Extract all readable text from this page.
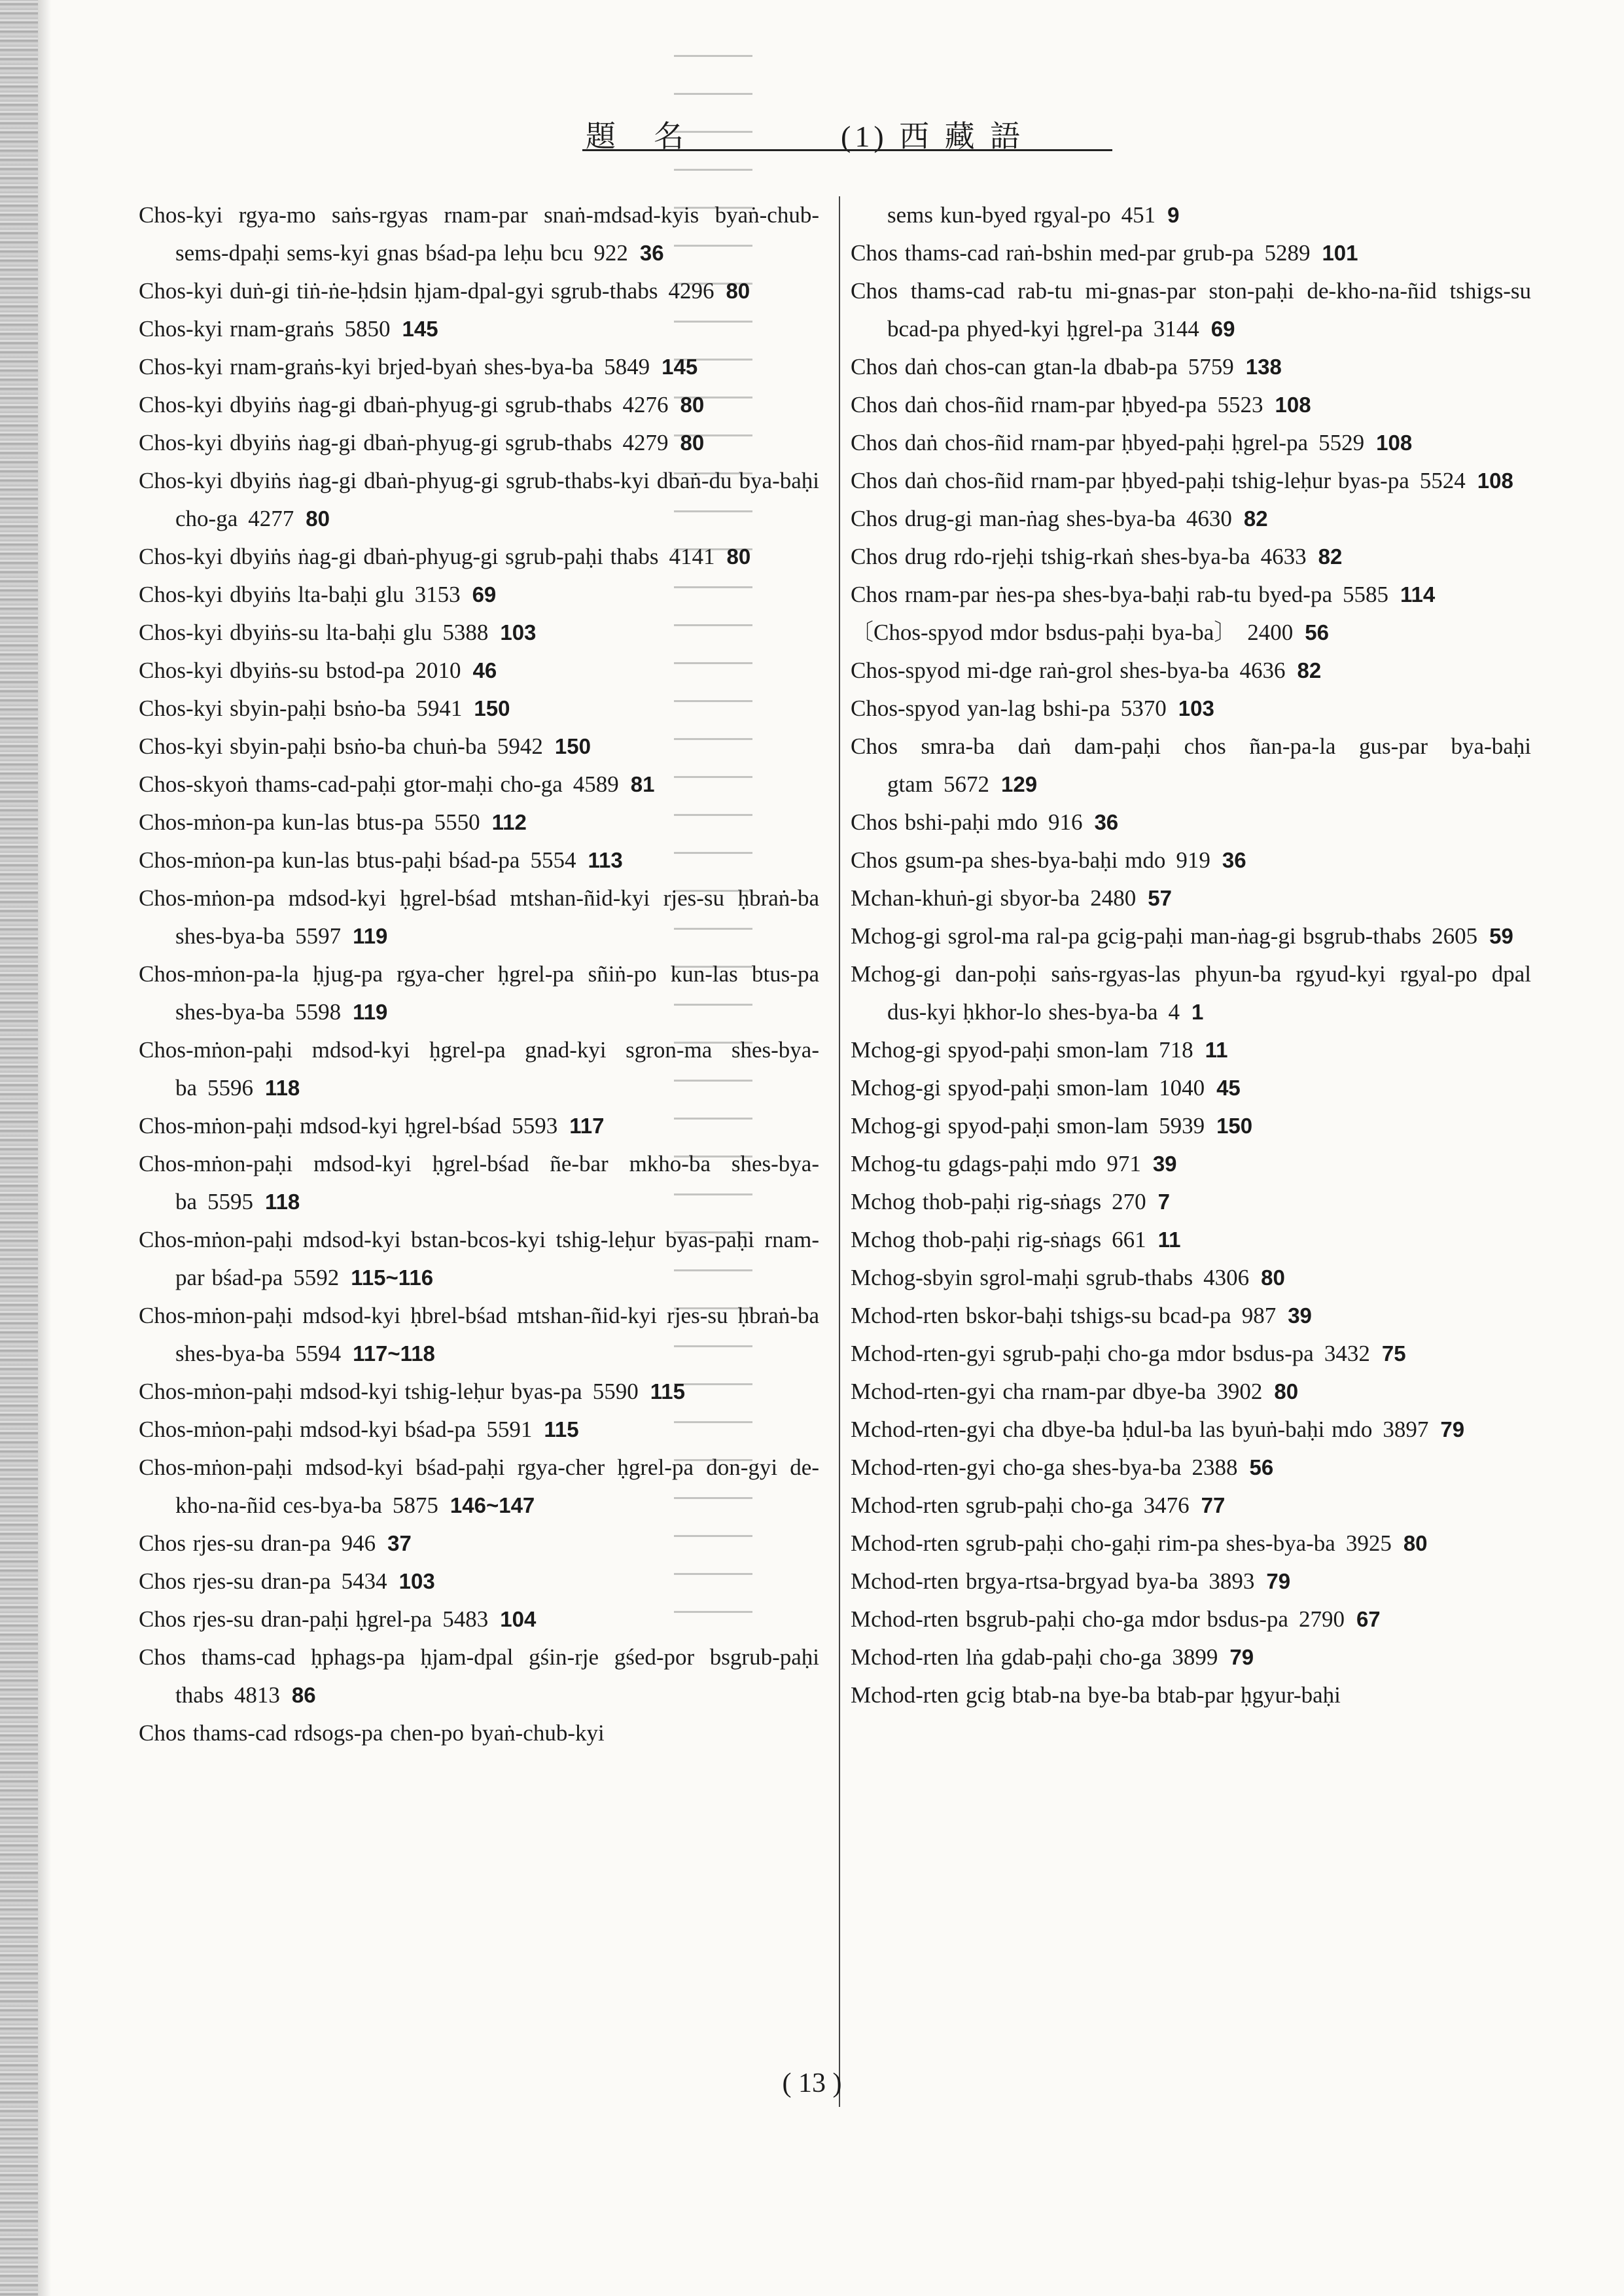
題　名	(1) 西 藏 語
Chos-kyi rgya-mo saṅs-rgyas rnam-par snaṅ-mdsad-kyis byaṅ-chub-sems-dpaḥi sems-kyi gnas bśad-pa leḥu bcu 922 36
Chos-kyi duṅ-gi tiṅ-ṅe-ḥdsin ḥjam-dpal-gyi sgrub-thabs 4296 80
Chos-kyi rnam-graṅs 5850 145
Chos-kyi rnam-graṅs-kyi brjed-byaṅ shes-bya-ba 5849 145
Chos-kyi dbyiṅs ṅag-gi dbaṅ-phyug-gi sgrub-thabs 4276 80
Chos-kyi dbyiṅs ṅag-gi dbaṅ-phyug-gi sgrub-thabs 4279 80
Chos-kyi dbyiṅs ṅag-gi dbaṅ-phyug-gi sgrub-thabs-kyi dbaṅ-du bya-baḥi cho-ga 4277 80
Chos-kyi dbyiṅs ṅag-gi dbaṅ-phyug-gi sgrub-paḥi thabs 4141 80
Chos-kyi dbyiṅs lta-baḥi glu 3153 69
Chos-kyi dbyiṅs-su lta-baḥi glu 5388 103
Chos-kyi dbyiṅs-su bstod-pa 2010 46
Chos-kyi sbyin-paḥi bsṅo-ba 5941 150
Chos-kyi sbyin-paḥi bsṅo-ba chuṅ-ba 5942 150
Chos-skyoṅ thams-cad-paḥi gtor-maḥi cho-ga 4589 81
Chos-mṅon-pa kun-las btus-pa 5550 112
Chos-mṅon-pa kun-las btus-paḥi bśad-pa 5554 113
Chos-mṅon-pa mdsod-kyi ḥgrel-bśad mtshan-ñid-kyi rjes-su ḥbraṅ-ba shes-bya-ba 5597 119
Chos-mṅon-pa-la ḥjug-pa rgya-cher ḥgrel-pa sñiṅ-po kun-las btus-pa shes-bya-ba 5598 119
Chos-mṅon-paḥi mdsod-kyi ḥgrel-pa gnad-kyi sgron-ma shes-bya-ba 5596 118
Chos-mṅon-paḥi mdsod-kyi ḥgrel-bśad 5593 117
Chos-mṅon-paḥi mdsod-kyi ḥgrel-bśad ñe-bar mkho-ba shes-bya-ba 5595 118
Chos-mṅon-paḥi mdsod-kyi bstan-bcos-kyi tshig-leḥur byas-paḥi rnam-par bśad-pa 5592 115~116
Chos-mṅon-paḥi mdsod-kyi ḥbrel-bśad mtshan-ñid-kyi rjes-su ḥbraṅ-ba shes-bya-ba 5594 117~118
Chos-mṅon-paḥi mdsod-kyi tshig-leḥur byas-pa 5590 115
Chos-mṅon-paḥi mdsod-kyi bśad-pa 5591 115
Chos-mṅon-paḥi mdsod-kyi bśad-paḥi rgya-cher ḥgrel-pa don-gyi de-kho-na-ñid ces-bya-ba 5875 146~147
Chos rjes-su dran-pa 946 37
Chos rjes-su dran-pa 5434 103
Chos rjes-su dran-paḥi ḥgrel-pa 5483 104
Chos thams-cad ḥphags-pa ḥjam-dpal gśin-rje gśed-por bsgrub-paḥi thabs 4813 86
Chos thams-cad rdsogs-pa chen-po byaṅ-chub-kyi
sems kun-byed rgyal-po 451 9
Chos thams-cad raṅ-bshin med-par grub-pa 5289 101
Chos thams-cad rab-tu mi-gnas-par ston-paḥi de-kho-na-ñid tshigs-su bcad-pa phyed-kyi ḥgrel-pa 3144 69
Chos daṅ chos-can gtan-la dbab-pa 5759 138
Chos daṅ chos-ñid rnam-par ḥbyed-pa 5523 108
Chos daṅ chos-ñid rnam-par ḥbyed-paḥi ḥgrel-pa 5529 108
Chos daṅ chos-ñid rnam-par ḥbyed-paḥi tshig-leḥur byas-pa 5524 108
Chos drug-gi man-ṅag shes-bya-ba 4630 82
Chos drug rdo-rjeḥi tshig-rkaṅ shes-bya-ba 4633 82
Chos rnam-par ṅes-pa shes-bya-baḥi rab-tu byed-pa 5585 114
〔Chos-spyod mdor bsdus-paḥi bya-ba〕 2400 56
Chos-spyod mi-dge raṅ-grol shes-bya-ba 4636 82
Chos-spyod yan-lag bshi-pa 5370 103
Chos smra-ba daṅ dam-paḥi chos ñan-pa-la gus-par bya-baḥi gtam 5672 129
Chos bshi-paḥi mdo 916 36
Chos gsum-pa shes-bya-baḥi mdo 919 36
Mchan-khuṅ-gi sbyor-ba 2480 57
Mchog-gi sgrol-ma ral-pa gcig-paḥi man-ṅag-gi bsgrub-thabs 2605 59
Mchog-gi dan-poḥi saṅs-rgyas-las phyun-ba rgyud-kyi rgyal-po dpal dus-kyi ḥkhor-lo shes-bya-ba 4 1
Mchog-gi spyod-paḥi smon-lam 718 11
Mchog-gi spyod-paḥi smon-lam 1040 45
Mchog-gi spyod-paḥi smon-lam 5939 150
Mchog-tu gdags-paḥi mdo 971 39
Mchog thob-paḥi rig-sṅags 270 7
Mchog thob-paḥi rig-sṅags 661 11
Mchog-sbyin sgrol-maḥi sgrub-thabs 4306 80
Mchod-rten bskor-baḥi tshigs-su bcad-pa 987 39
Mchod-rten-gyi sgrub-paḥi cho-ga mdor bsdus-pa 3432 75
Mchod-rten-gyi cha rnam-par dbye-ba 3902 80
Mchod-rten-gyi cha dbye-ba ḥdul-ba las byuṅ-baḥi mdo 3897 79
Mchod-rten-gyi cho-ga shes-bya-ba 2388 56
Mchod-rten sgrub-paḥi cho-ga 3476 77
Mchod-rten sgrub-paḥi cho-gaḥi rim-pa shes-bya-ba 3925 80
Mchod-rten brgya-rtsa-brgyad bya-ba 3893 79
Mchod-rten bsgrub-paḥi cho-ga mdor bsdus-pa 2790 67
Mchod-rten lṅa gdab-paḥi cho-ga 3899 79
Mchod-rten gcig btab-na bye-ba btab-par ḥgyur-baḥi
( 13 )
